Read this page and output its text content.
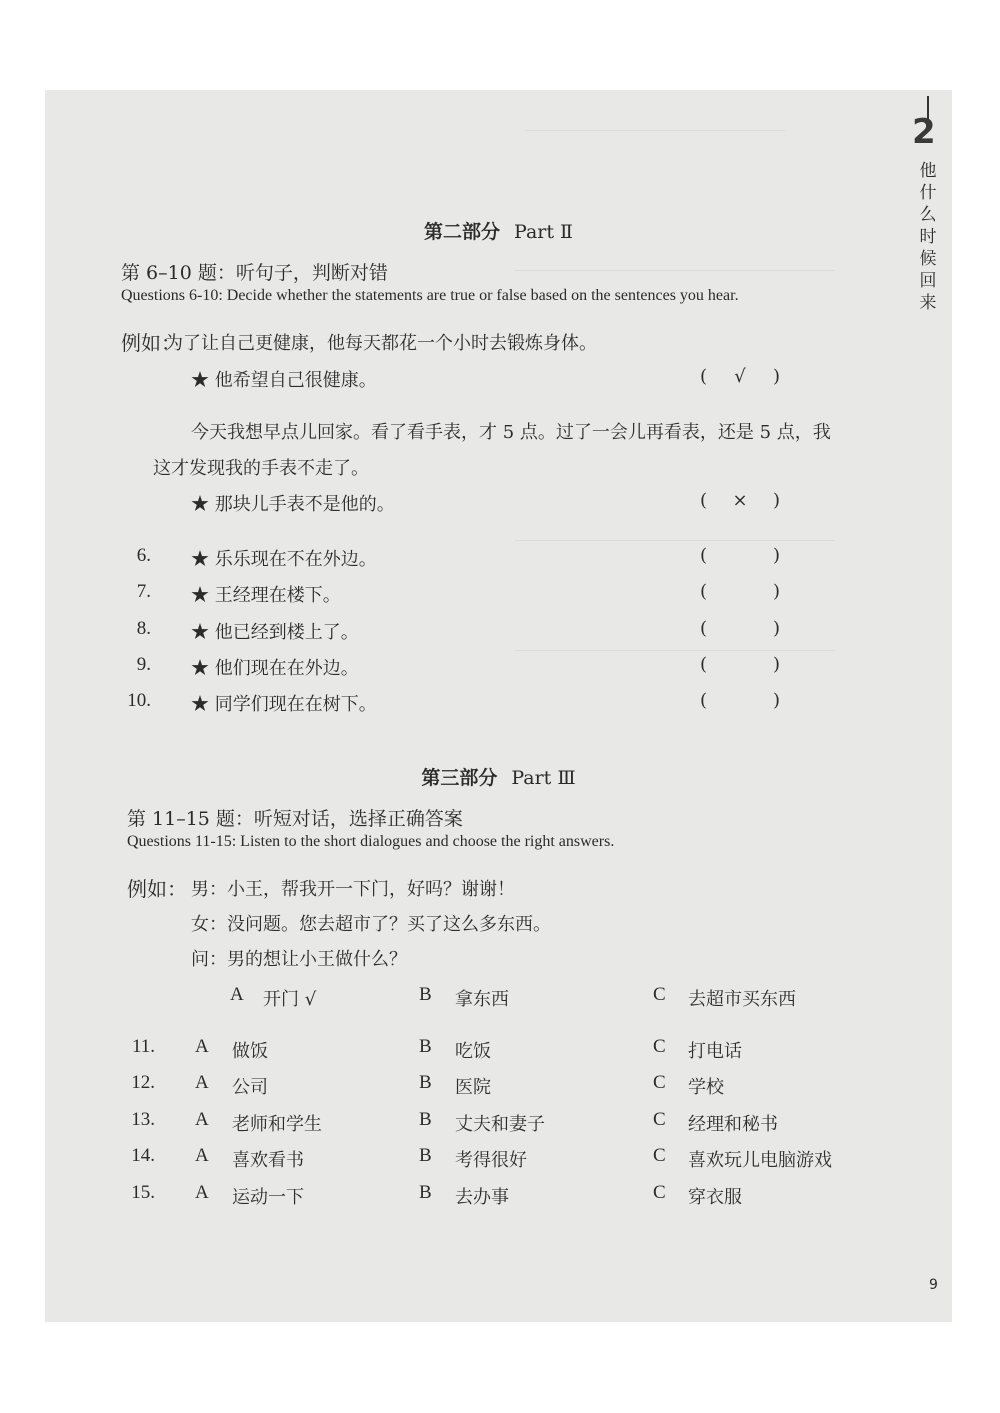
第二部分 Part Ⅱ
第 6–10 题：听句子，判断对错
Questions 6-10: Decide whether the statements are true or false based on the sentences you hear.
例如：
为了让自己更健康，他每天都花一个小时去锻炼身体。
★ 他希望自己很健康。	(	√	)
今天我想早点儿回家。看了看手表，才 5 点。过了一会儿再看表，还是 5 点，我
这才发现我的手表不走了。
★ 那块儿手表不是他的。	(	×	)
6. ★ 乐乐现在不在外边。	(	)
7. ★ 王经理在楼下。	(	)
8. ★ 他已经到楼上了。	(	)
9. ★ 他们现在在外边。	(	)
10. ★ 同学们现在在树下。	(	)
第三部分 Part Ⅲ
第 11–15 题：听短对话，选择正确答案
Questions 11-15: Listen to the short dialogues and choose the right answers.
例如： 男：小王，帮我开一下门，好吗？谢谢！
女：没问题。您去超市了？买了这么多东西。
问：男的想让小王做什么？
A 开门 √	B 拿东西	C 去超市买东西
11. A 做饭	B 吃饭	C 打电话
12. A 公司	B 医院	C 学校
13. A 老师和学生	B 丈夫和妻子	C 经理和秘书
14. A 喜欢看书	B 考得很好	C 喜欢玩儿电脑游戏
15. A 运动一下	B 去办事	C 穿衣服
9
2
他什么时候回来
